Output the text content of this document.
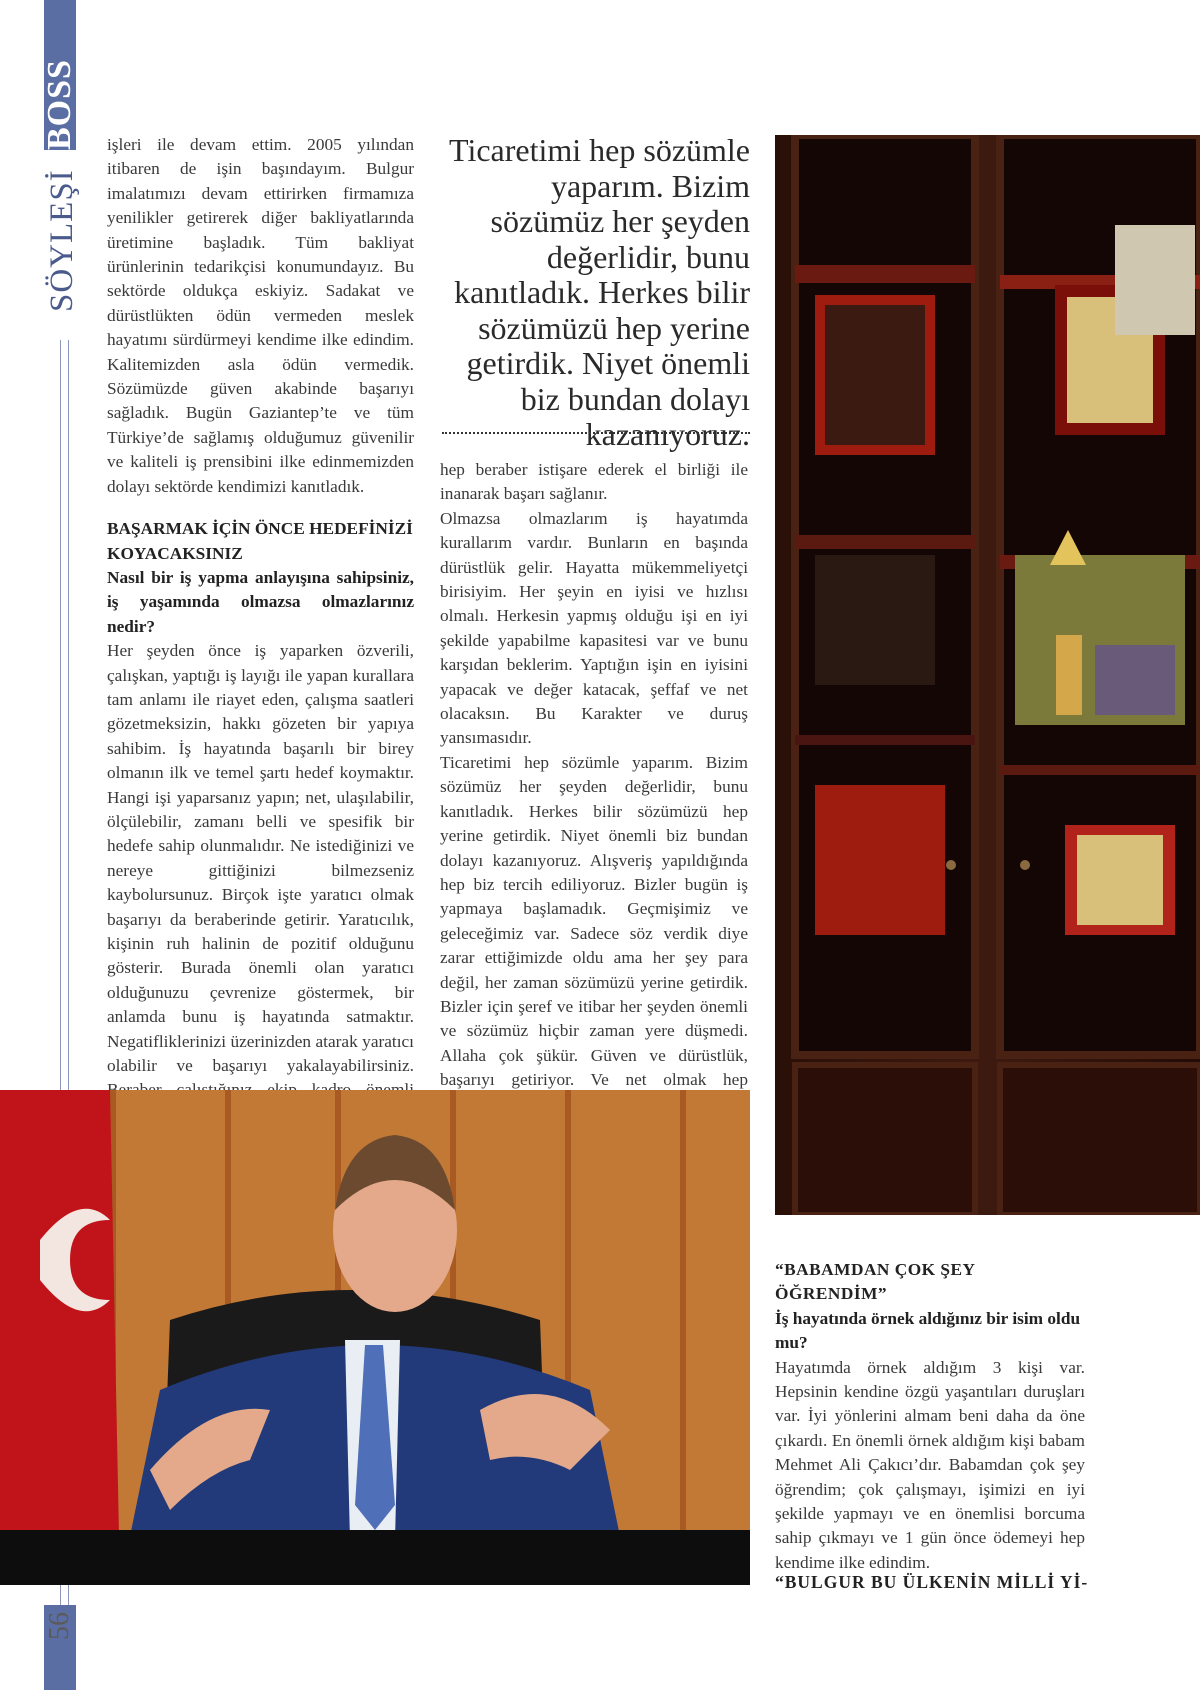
BOSS
SÖYLEŞİ
56

işleri ile devam ettim. 2005 yılından itibaren de işin başındayım. Bulgur imalatımızı devam ettirirken firmamıza yenilikler getirerek diğer bakliyatlarında üretimine başladık. Tüm bakliyat ürünlerinin tedarikçisi konumundayız. Bu sektörde oldukça eskiyiz. Sadakat ve dürüstlükten ödün vermeden meslek hayatımı sürdürmeyi kendime ilke edindim. Kalitemizden asla ödün vermedik. Sözümüzde güven akabinde başarıyı sağladık. Bugün Gaziantep’te ve tüm Türkiye’de sağlamış olduğumuz güvenilir ve kaliteli iş prensibini ilke edinmemizden dolayı sektörde kendimizi kanıtladık.

BAŞARMAK İÇİN ÖNCE HEDEFİNİZİ KOYACAKSINIZ

Nasıl bir iş yapma anlayışına sahipsiniz, iş yaşamında olmazsa olmazlarınız nedir?

Her şeyden önce iş yaparken özverili, çalışkan, yaptığı iş layığı ile yapan kurallara tam anlamı ile riayet eden, çalışma saatleri gözetmeksizin, hakkı gözeten bir yapıya sahibim. İş hayatında başarılı bir birey olmanın ilk ve temel şartı hedef koymaktır. Hangi işi yaparsanız yapın; net, ulaşılabilir, ölçülebilir, zamanı belli ve spesifik bir hedefe sahip olunmalıdır. Ne istediğinizi ve nereye gittiğinizi bilmezseniz kaybolursunuz. Birçok işte yaratıcı olmak başarıyı da beraberinde getirir. Yaratıcılık, kişinin ruh halinin de pozitif olduğunu gösterir. Burada önemli olan yaratıcı olduğunuzu çevrenize göstermek, bir anlamda bunu iş hayatında satmaktır. Negatifliklerinizi üzerinizden atarak yaratıcı olabilir ve başarıyı yakalayabilirsiniz.

Ticaretimi hep sözümle yaparım. Bizim sözümüz her şeyden değerlidir, bunu kanıtladık. Herkes bilir sözümüzü hep yerine getirdik. Niyet önemli biz bundan dolayı kazanıyoruz.

hep beraber istişare ederek el birliği ile inanarak başarı sağlanır.

Olmazsa olmazlarım iş hayatımda kurallarım vardır. Bunların en başında dürüstlük gelir. Hayatta mükemmeliyetçi birisiyim. Her şeyin en iyisi ve hızlısı olmalı. Herkesin yapmış olduğu işi en iyi şekilde yapabilme kapasitesi var ve bunu karşıdan beklerim. Yaptığın işin en iyisini yapacak ve değer katacak, şeffaf ve net olacaksın. Bu Karakter ve duruş yansımasıdır.

Ticaretimi hep sözümle yaparım. Bizim sözümüz her şeyden değerlidir, bunu kanıtladık. Herkes bilir sözümüzü hep yerine getirdik. Niyet önemli biz bundan dolayı kazanıyoruz. Alışveriş yapıldığında hep biz tercih ediliyoruz. Bizler bugün iş yapmaya başlamadık. Geçmişimiz ve geleceğimiz var. Sadece söz verdik diye zarar ettiğimizde oldu ama her şey para değil, her zaman sözümüzü yerine getirdik. Bizler için şeref ve itibar her şeyden önemli ve sözümüz hiçbir zaman yere düşmedi. Allaha çok şükür. Güven ve dürüstlük, başarıyı getiriyor. Ve net olmak hep

“BABAMDAN ÇOK ŞEY ÖĞRENDİM”

İş hayatında örnek aldığınız bir isim oldu mu?

Hayatımda örnek aldığım 3 kişi var. Hepsinin kendine özgü yaşantıları duruşları var. İyi yönlerini almam beni daha da öne çıkardı. En önemli örnek aldığım kişi babam Mehmet Ali Çakıcı’dır. Babamdan çok şey öğrendim; çok çalışmayı, işimizi en iyi şekilde yapmayı ve en önemlisi borcuma sahip çıkmayı ve 1 gün önce ödemeyi hep kendime ilke edindim.

“BULGUR BU ÜLKENİN MİLLİ Yİ-
